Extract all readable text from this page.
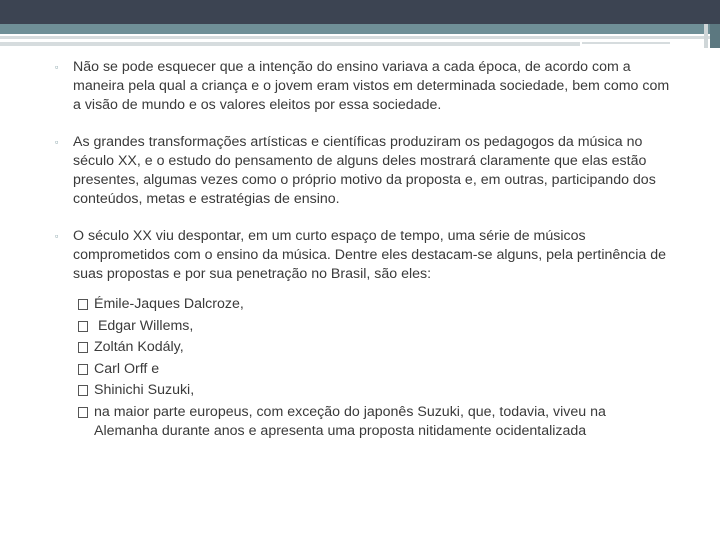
▫ Não se pode esquecer que a intenção do ensino variava a cada época, de acordo com a maneira pela qual a criança e o jovem eram vistos em determinada sociedade, bem como com a visão de mundo e os valores eleitos por essa sociedade.
▫ As grandes transformações artísticas e científicas produziram os pedagogos da música no século XX, e o estudo do pensamento de alguns deles mostrará claramente que elas estão presentes, algumas vezes como o próprio motivo da proposta e, em outras, participando dos conteúdos, metas e estratégias de ensino.
▫ O século XX viu despontar, em um curto espaço de tempo, uma série de músicos comprometidos com o ensino da música. Dentre eles destacam-se alguns, pela pertinência de suas propostas e por sua penetração no Brasil, são eles:
Émile-Jaques Dalcroze,
Edgar Willems,
Zoltán Kodály,
Carl Orff e
Shinichi Suzuki,
na maior parte europeus, com exceção do japonês Suzuki, que, todavia, viveu na Alemanha durante anos e apresenta uma proposta nitidamente ocidentalizada
